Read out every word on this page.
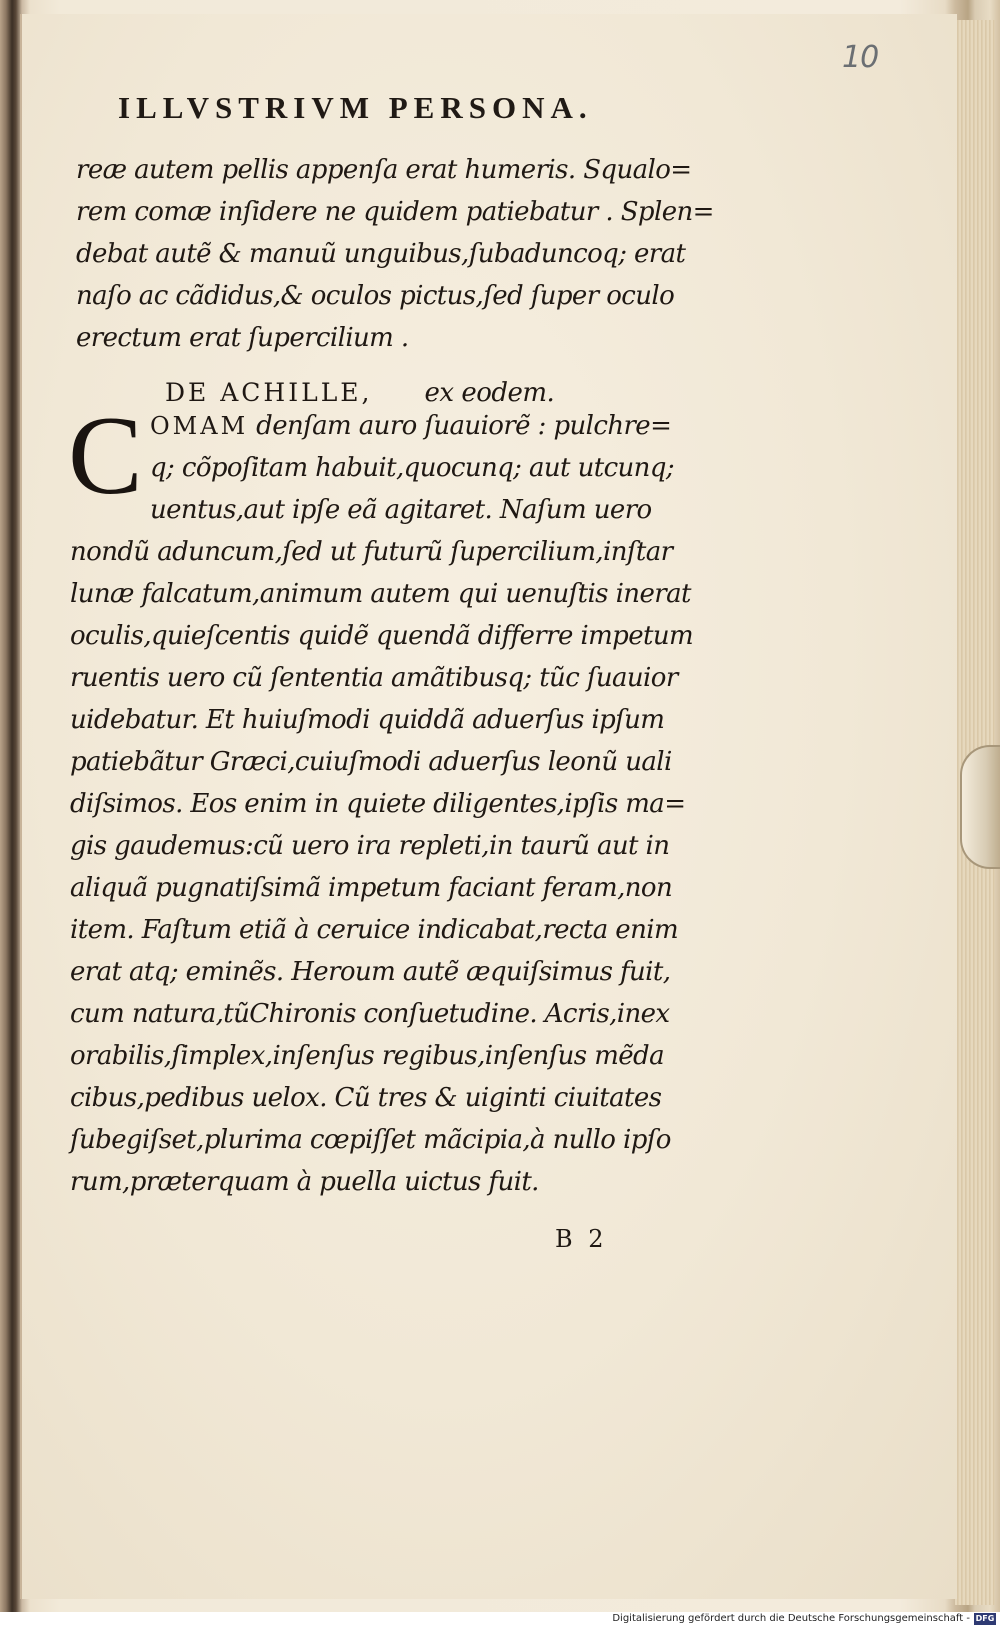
10
ILLVSTRIVM PERSONA.
reæ autem pellis appenſa erat humeris. Squalo=
rem comæ inſidere ne quidem patiebatur . Splen=
debat autẽ & manuũ unguibus,ſubaduncoq; erat
naſo ac cãdidus,& oculos pictus,ſed ſuper oculo
erectum erat ſupercilium .
DE ACHILLE, ex eodem.
C OMAM denſam auro ſuauiorẽ : pulchre=
q; cõpoſitam habuit,quocunq; aut utcunq;
uentus,aut ipſe eã agitaret. Naſum uero
nondũ aduncum,ſed ut futurũ ſupercilium,inſtar
lunæ falcatum,animum autem qui uenuſtis inerat
oculis,quieſcentis quidẽ quendã differre impetum
ruentis uero cũ ſententia amãtibusq; tũc ſuauior
uidebatur. Et huiuſmodi quiddã aduerſus ipſum
patiebãtur Græci,cuiuſmodi aduerſus leonũ uali
diſsimos. Eos enim in quiete diligentes,ipſis ma=
gis gaudemus:cũ uero ira repleti,in taurũ aut in
aliquã pugnatiſsimã impetum faciant feram,non
item. Faſtum etiã à ceruice indicabat,recta enim
erat atq; eminẽs. Heroum autẽ æquiſsimus fuit,
cum natura,tũChironis conſuetudine. Acris,inex
orabilis,ſimplex,inſenſus regibus,inſenſus mẽda
cibus,pedibus uelox. Cũ tres & uiginti ciuitates
ſubegiſset,plurima cœpiſſet mãcipia,à nullo ipſo
rum,præterquam à puella uictus fuit.
B 2
Digitalisierung gefördert durch die Deutsche Forschungsgemeinschaft - DFG
